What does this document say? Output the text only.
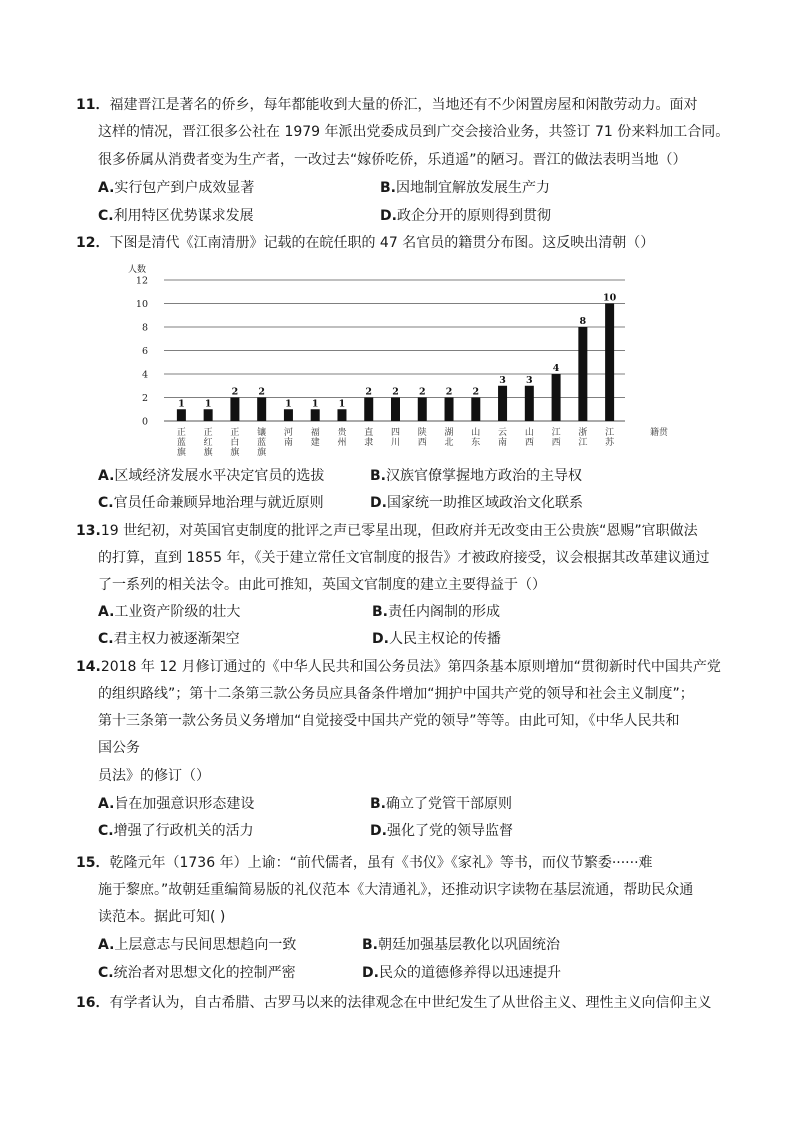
11．福建晋江是著名的侨乡，每年都能收到大量的侨汇，当地还有不少闲置房屋和闲散劳动力。面对
这样的情况，晋江很多公社在 1979 年派出党委成员到广交会接洽业务，共签订 71 份来料加工合同。
很多侨属从消费者变为生产者，一改过去“嫁侨吃侨，乐逍遥”的陋习。晋江的做法表明当地（）
A.实行包产到户成效显著	B.因地制宜解放发展生产力
C.利用特区优势谋求发展	D.政企分开的原则得到贯彻
12．下图是清代《江南清册》记载的在皖任职的 47 名官员的籍贯分布图。这反映出清朝（）
人数
0
2
4
6
8
10
12
1
正蓝旗
1
正红旗
2
正白旗
2
镶蓝旗
1
河南
1
福建
1
贵州
2
直隶
2
四川
2
陕西
2
湖北
2
山东
3
云南
3
山西
4
江西
8
浙江
10
江苏
籍贯
A.区域经济发展水平决定官员的选拔	B.汉族官僚掌握地方政治的主导权
C.官员任命兼顾异地治理与就近原则	D.国家统一助推区域政治文化联系
13.19 世纪初，对英国官吏制度的批评之声已零星出现，但政府并无改变由王公贵族“恩赐”官职做法
的打算，直到 1855 年，《关于建立常任文官制度的报告》才被政府接受，议会根据其改革建议通过
了一系列的相关法令。由此可推知，英国文官制度的建立主要得益于（）
A.工业资产阶级的壮大	B.责任内阁制的形成
C.君主权力被逐渐架空	D.人民主权论的传播
14.2018 年 12 月修订通过的《中华人民共和国公务员法》第四条基本原则增加“贯彻新时代中国共产党
的组织路线”；第十二条第三款公务员应具备条件增加“拥护中国共产党的领导和社会主义制度”；
第十三条第一款公务员义务增加“自觉接受中国共产党的领导”等等。由此可知，《中华人民共和
国公务
员法》的修订（）
A.旨在加强意识形态建设	B.确立了党管干部原则
C.增强了行政机关的活力	D.强化了党的领导监督
15．乾隆元年（1736 年）上谕：“前代儒者，虽有《书仪》《家礼》等书，而仪节繁委······难
施于黎庶。”故朝廷重编简易版的礼仪范本《大清通礼》，还推动识字读物在基层流通，帮助民众通
读范本。据此可知( )
A.上层意志与民间思想趋向一致	B.朝廷加强基层教化以巩固统治
C.统治者对思想文化的控制严密	D.民众的道德修养得以迅速提升
16．有学者认为，自古希腊、古罗马以来的法律观念在中世纪发生了从世俗主义、理性主义向信仰主义
